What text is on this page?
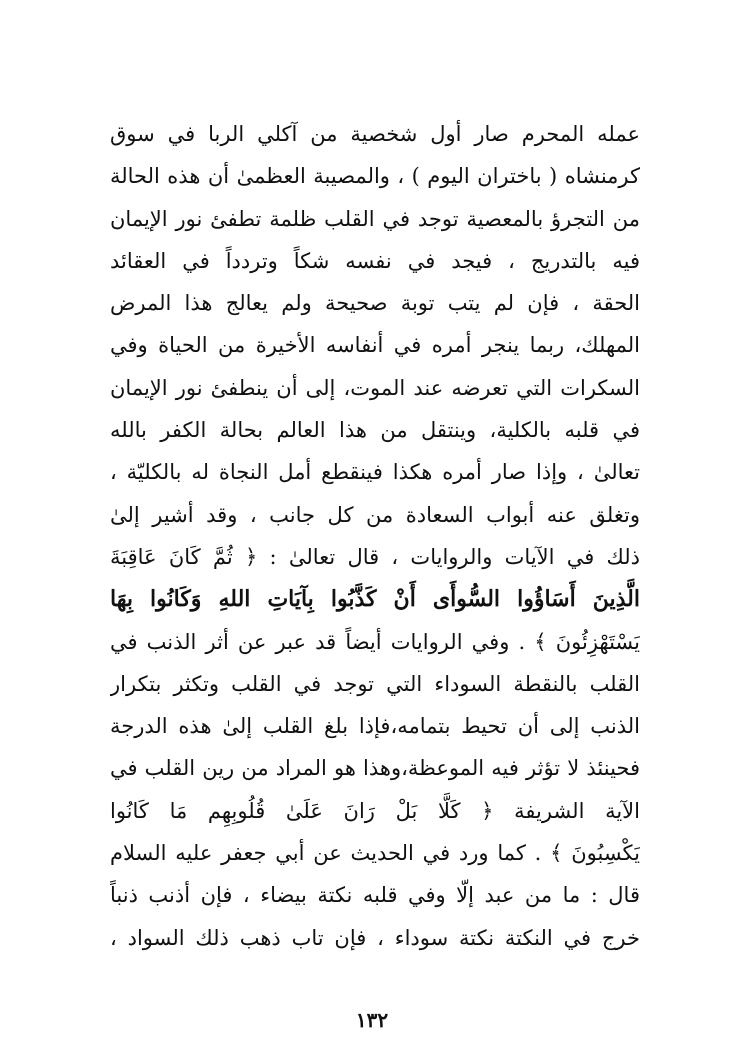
عمله المحرم صار أول شخصية من آكلي الربا في سوق
كرمنشاه ( باختران اليوم ) ، والمصيبة العظمىٰ أن هذه الحالة
من التجرؤ بالمعصية توجد في القلب ظلمة تطفئ نور الإيمان
فيه بالتدريج ، فيجد في نفسه شكاً وتردداً في العقائد
الحقة ، فإن لم يتب توبة صحيحة ولم يعالج هذا المرض
المهلك، ربما ينجر أمره في أنفاسه الأخيرة من الحياة وفي
السكرات التي تعرضه عند الموت، إلى أن ينطفئ نور الإيمان
في قلبه بالكلية، وينتقل من هذا العالم بحالة الكفر بالله
تعالىٰ ، وإذا صار أمره هكذا فينقطع أمل النجاة له بالكليّة ،
وتغلق عنه أبواب السعادة من كل جانب ، وقد أشير إلىٰ
ذلك في الآيات والروايات ، قال تعالىٰ : ﴿ ثُمَّ كَانَ عَاقِبَةَ
الَّذِينَ أَسَاؤُوا السُّوأَى أَنْ كَذَّبُوا بِآيَاتِ اللهِ وَكَانُوا بِهَا
يَسْتَهْزِئُونَ ﴾ . وفي الروايات أيضاً قد عبر عن أثر الذنب في
القلب بالنقطة السوداء التي توجد في القلب وتكثر بتكرار
الذنب إلى أن تحيط بتمامه،فإذا بلغ القلب إلىٰ هذه الدرجة
فحينئذ لا تؤثر فيه الموعظة،وهذا هو المراد من رين القلب في
الآية الشريفة ﴿ كَلَّا بَلْ رَانَ عَلَىٰ قُلُوبِهِم مَا كَانُوا
يَكْسِبُونَ ﴾ . كما ورد في الحديث عن أبي جعفر عليه السلام
قال : ما من عبد إلّا وفي قلبه نكتة بيضاء ، فإن أذنب ذنباً
خرج في النكتة نكتة سوداء ، فإن تاب ذهب ذلك السواد ،
١٣٢
